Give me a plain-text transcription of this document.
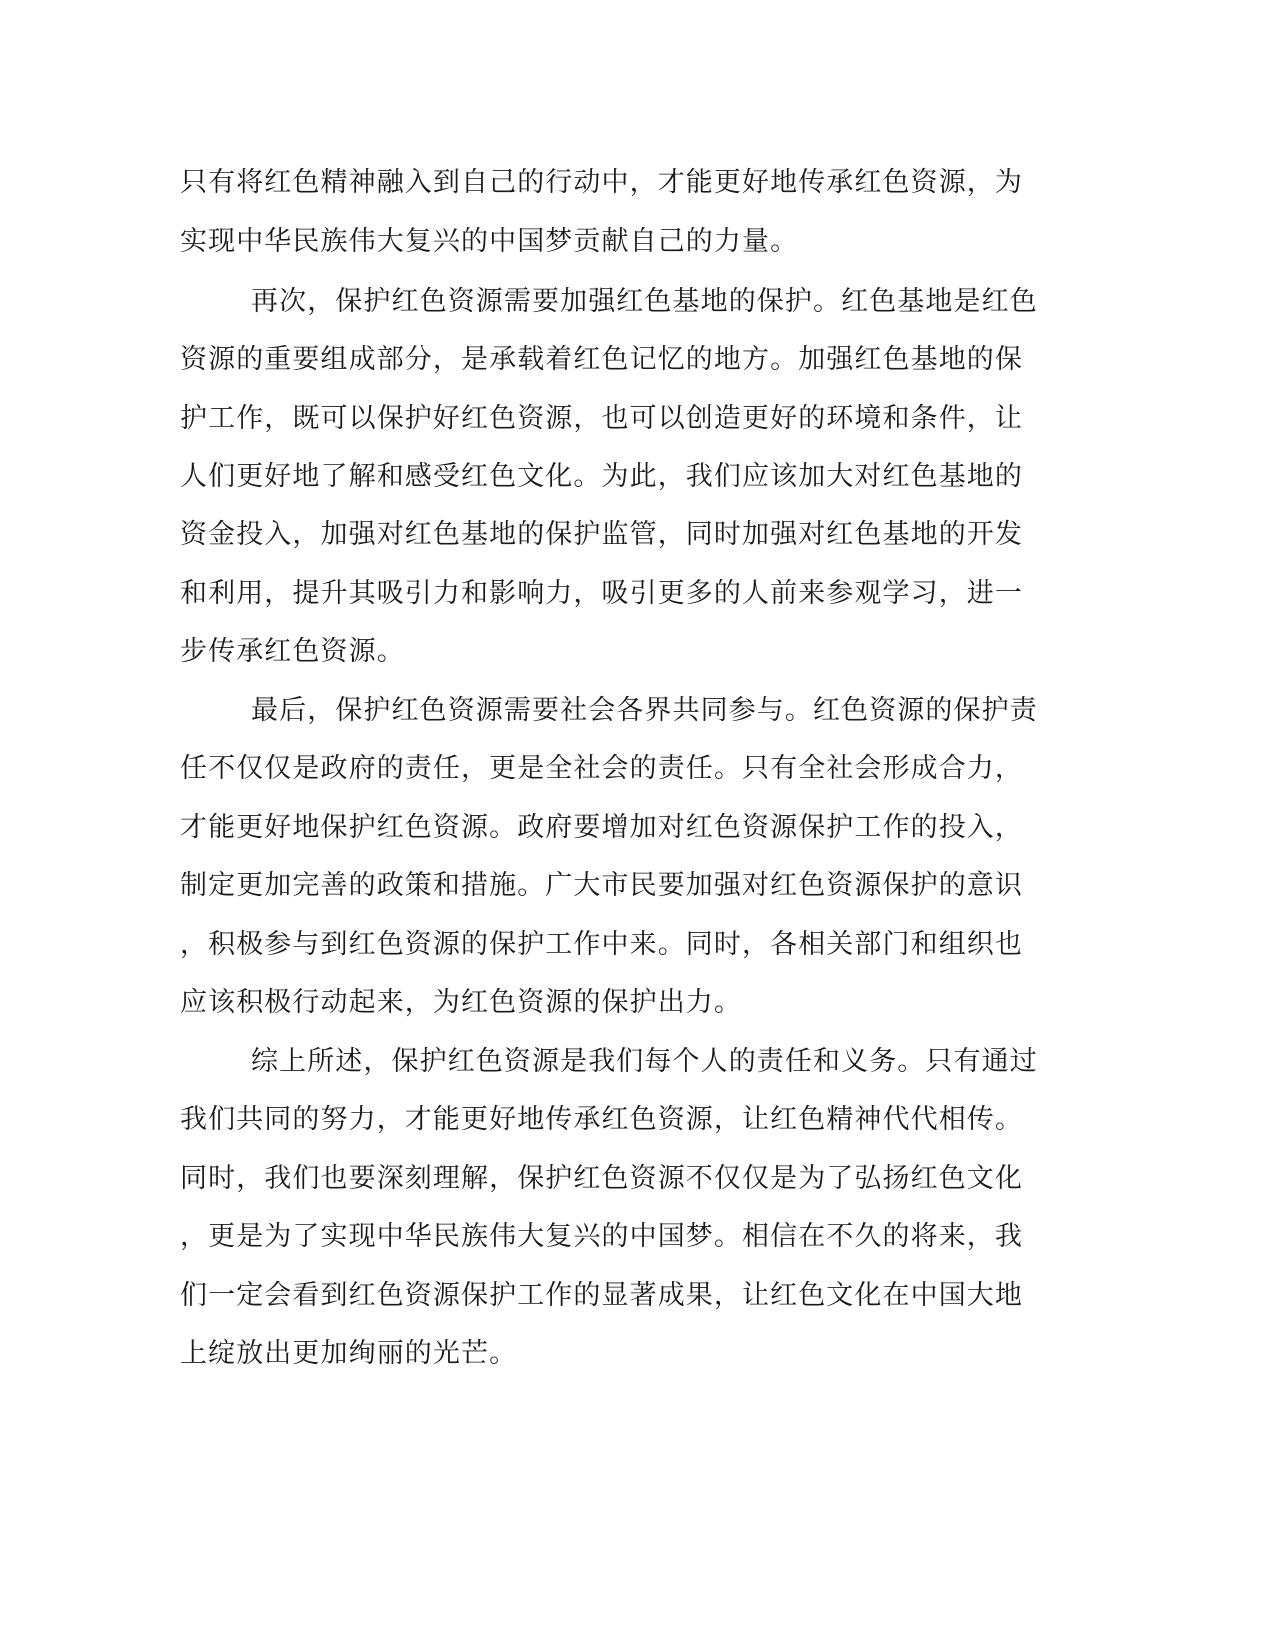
只有将红色精神融入到自己的行动中，才能更好地传承红色资源，为
实现中华民族伟大复兴的中国梦贡献自己的力量。
再次，保护红色资源需要加强红色基地的保护。红色基地是红色
资源的重要组成部分，是承载着红色记忆的地方。加强红色基地的保
护工作，既可以保护好红色资源，也可以创造更好的环境和条件，让
人们更好地了解和感受红色文化。为此，我们应该加大对红色基地的
资金投入，加强对红色基地的保护监管，同时加强对红色基地的开发
和利用，提升其吸引力和影响力，吸引更多的人前来参观学习，进一
步传承红色资源。
最后，保护红色资源需要社会各界共同参与。红色资源的保护责
任不仅仅是政府的责任，更是全社会的责任。只有全社会形成合力，
才能更好地保护红色资源。政府要增加对红色资源保护工作的投入，
制定更加完善的政策和措施。广大市民要加强对红色资源保护的意识
，积极参与到红色资源的保护工作中来。同时，各相关部门和组织也
应该积极行动起来，为红色资源的保护出力。
综上所述，保护红色资源是我们每个人的责任和义务。只有通过
我们共同的努力，才能更好地传承红色资源，让红色精神代代相传。
同时，我们也要深刻理解，保护红色资源不仅仅是为了弘扬红色文化
，更是为了实现中华民族伟大复兴的中国梦。相信在不久的将来，我
们一定会看到红色资源保护工作的显著成果，让红色文化在中国大地
上绽放出更加绚丽的光芒。
